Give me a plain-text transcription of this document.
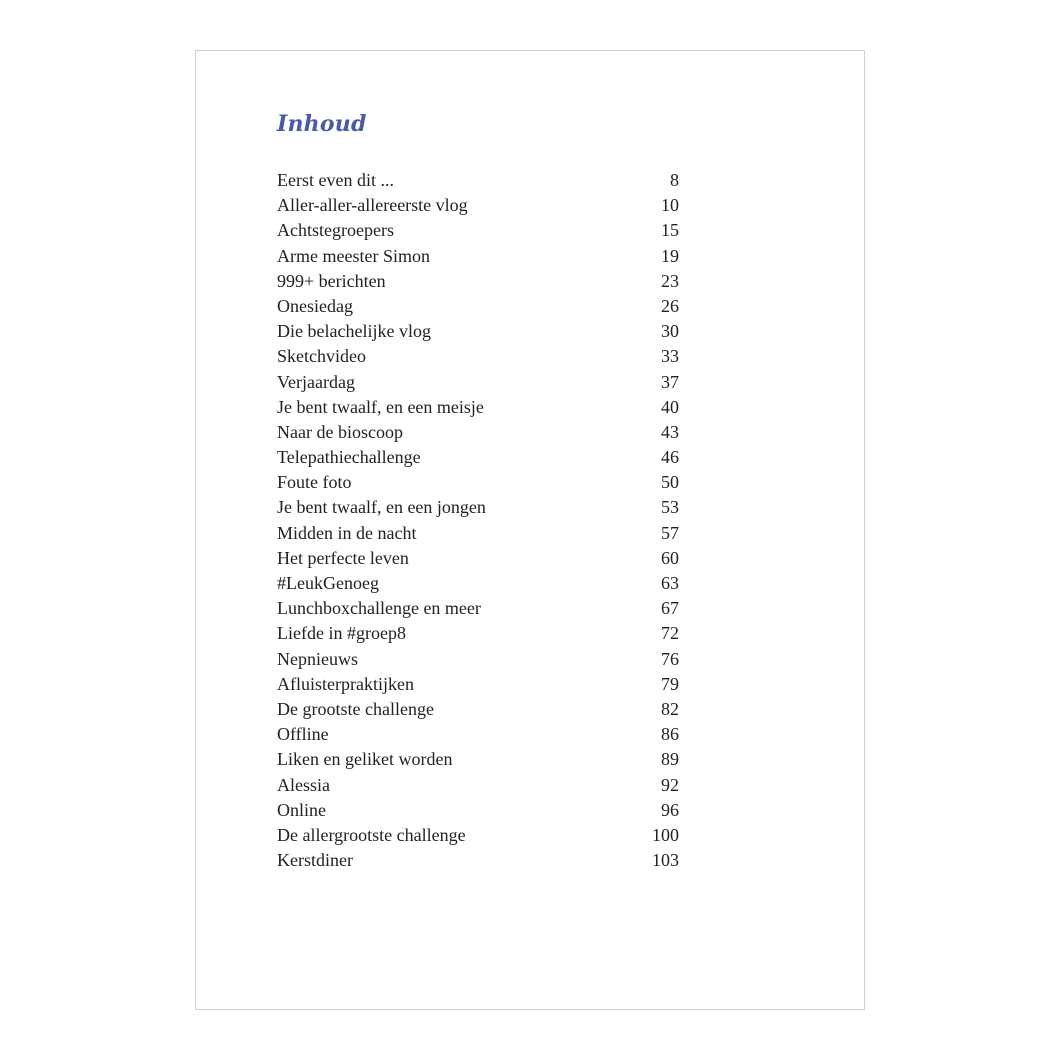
Inhoud
Eerst even dit ...	8
Aller-aller-allereerste vlog	10
Achtstegroepers	15
Arme meester Simon	19
999+ berichten	23
Onesiedag	26
Die belachelijke vlog	30
Sketchvideo	33
Verjaardag	37
Je bent twaalf, en een meisje	40
Naar de bioscoop	43
Telepathiechallenge	46
Foute foto	50
Je bent twaalf, en een jongen	53
Midden in de nacht	57
Het perfecte leven	60
#LeukGenoeg	63
Lunchboxchallenge en meer	67
Liefde in #groep8	72
Nepnieuws	76
Afluisterpraktijken	79
De grootste challenge	82
Offline	86
Liken en geliket worden	89
Alessia	92
Online	96
De allergrootste challenge	100
Kerstdiner	103
